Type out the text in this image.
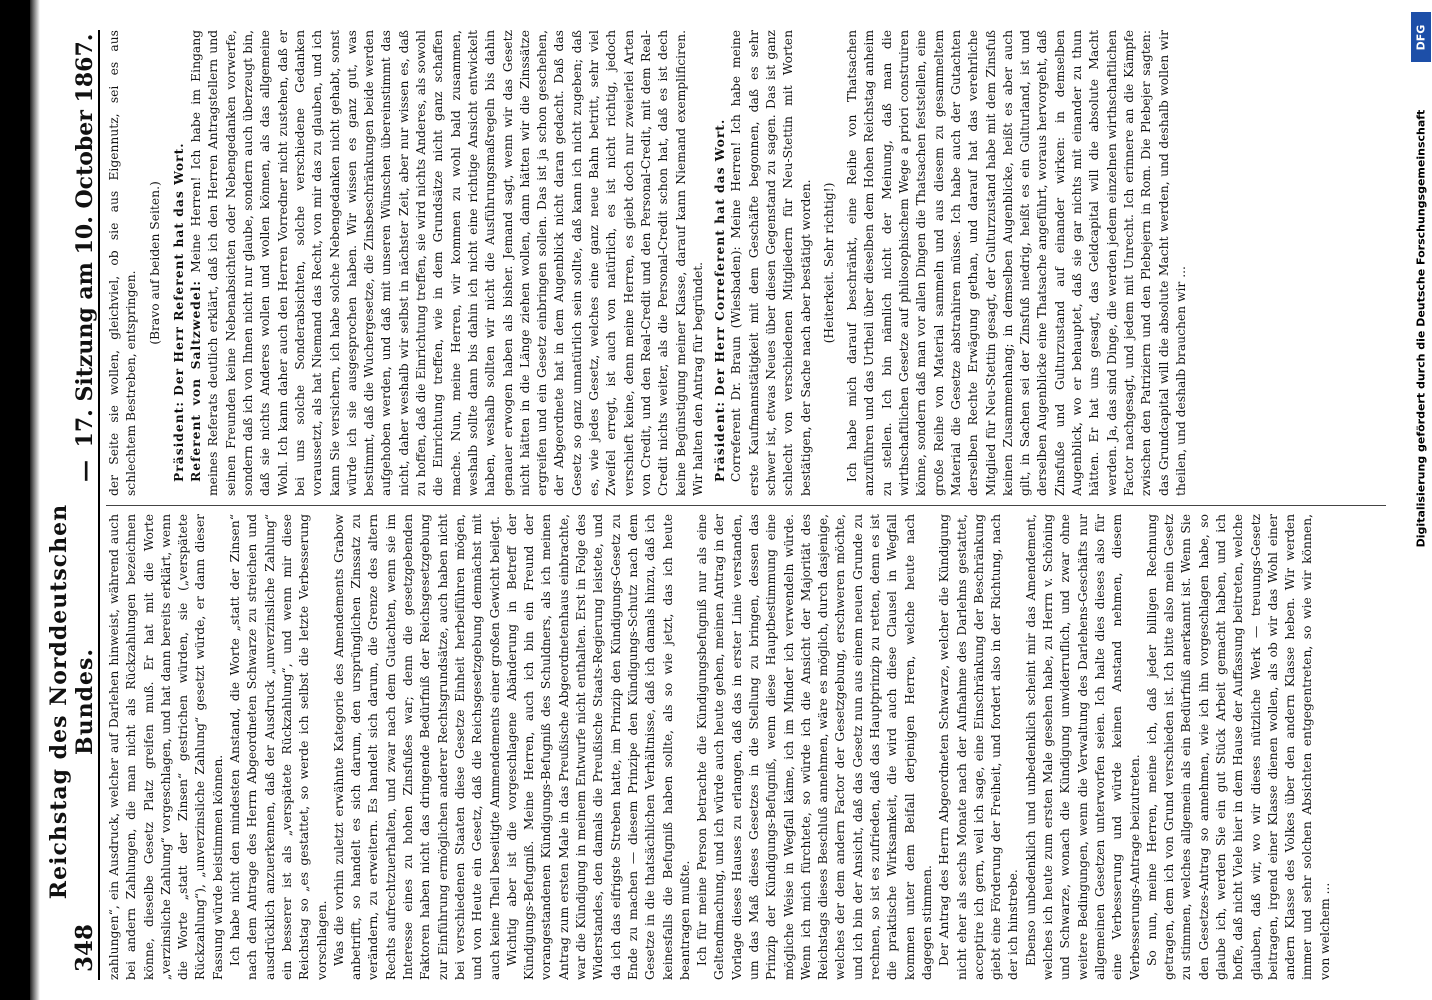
348
Reichstag des Norddeutschen Bundes.
—
17. Sitzung am 10. October 1867.

zahlungen“, ein Ausdruck, welcher auf Darlehen hinweist, während auch bei andern Zahlungen, die man nicht als Rückzahlungen bezeichnen könne, dieselbe Gesetz Platz greifen muß. Er hat mit die Worte „verzinsliche Zahlung“ vorgeschlagen, und hat dann bereits erklärt, wenn die Worte „statt der Zinsen“ gestrichen würden, sie („verspätete Rückzahlung“), „unverzinsliche Zahlung“ gesetzt würde, er dann dieser Fassung würde beistimmen können. Ich habe nicht den mindesten Anstand, die Worte „statt der Zinsen“ nach dem Antrage des Herrn Abgeordneten Schwarze zu streichen und ausdrücklich anzuerkennen, daß der Ausdruck „unverzinsliche Zahlung“ ein besserer ist als „verspätete Rückzahlung“, und wenn mir diese Reichstag so „es gestattet, so werde ich selbst die letzte Verbesserung vorschlagen. Was die vorhin zuletzt erwähnte Kategorie des Amendements Grabow anbetrifft, so handelt es sich darum, den ursprünglichen Zinssatz zu verändern, zu erweitern. Es handelt sich darum, die Grenze des altern Rechts aufrechtzuerhalten, und zwar nach dem Gutachten, wenn sie im Interesse eines zu hohen Zinsfußes war; denn die gesetzgebenden Faktoren haben nicht das dringende Bedürfniß der Reichsgesetzgebung zur Einführung ermöglichen anderer Rechtsgrundsätze, auch haben nicht bei verschiedenen Staaten diese Gesetze Einheit herbeiführen mögen, und von Heute ein Gesetz, daß die Reichsgesetzgebung demnächst mit auch keine Theil beseitigte Ammendements einer großen Gewicht beilegt. Wichtig aber ist die vorgeschlagene Abänderung in Betreff der Kündigungs-Befugniß. Meine Herren, auch ich bin ein Freund der vorangestandenen Kündigungs-Befugniß des Schuldners, als ich meinen Antrag zum ersten Male in das Preußische Abgeordnetenhaus einbrachte, war die Kündigung in meinem Entwurfe nicht enthalten. Erst in Folge des Widerstandes, den damals die Preußische Staats-Regierung leistete, und da ich das eifrigste Streben hatte, im Prinzip den Kündigungs-Gesetz zu Ende zu machen — diesem Prinzipe den Kündigungs-Schutz nach dem Gesetze in die thatsächlichen Verhältnisse, daß ich damals hinzu, daß ich keinesfalls die Befugniß haben sollte, als so wie jetzt, das ich heute beantragen mußte. Ich für meine Person betrachte die Kündigungsbefugniß nur als eine Geltendmachung, und ich würde auch heute gehen, meinen Antrag in der Vorlage dieses Hauses zu erlangen, daß das in erster Linie verstanden, um das Maß dieses Gesetzes in die Stellung zu bringen, dessen das Prinzip der Kündigungs-Befugniß, wenn diese Hauptbestimmung eine mögliche Weise in Wegfall käme, ich im Minder ich verwendeln würde. Wenn ich mich fürchtete, so würde ich die Ansicht der Majorität des Reichstags dieses Beschluß annehmen, wäre es möglich, durch dasjenige, welches der dem andern Factor der Gesetzgebung, erschweren möchte, und ich bin der Ansicht, daß das Gesetz nun aus einem neuen Grunde zu rechnen, so ist es zufrieden, daß das Hauptprinzip zu retten, denn es ist die praktische Wirksamkeit, die wird auch diese Clausel in Wegfall kommen unter dem Beifall derjenigen Herren, welche heute nach dagegen stimmen. Der Antrag des Herrn Abgeordneten Schwarze, welcher die Kündigung nicht eher als sechs Monate nach der Aufnahme des Darlehns gestattet, acceptire ich gern, weil ich sage, eine Einschränkung der Beschränkung giebt eine Förderung der Freiheit, und fordert also in der Richtung, nach der ich hinstrebe. Ebenso unbedenklich und unbedenklich scheint mir das Amendement, welches ich heute zum ersten Male gesehen habe, zu Herrn v. Schöning und Schwarze, wonach die Kündigung unwiderruflich, und zwar ohne weitere Bedingungen, wenn die Verwaltung des Darlehens-Geschäfts nur allgemeinen Gesetzen unterworfen seien. Ich halte dies dieses also für eine Verbesserung und würde keinen Anstand nehmen, diesem Verbesserungs-Antrage beizutreten. So nun, meine Herren, meine ich, daß jeder billigen Rechnung getragen, dem ich von Grund verschieden ist. Ich bitte also mein Gesetz zu stimmen, welches allgemein als ein Bedürfniß anerkannt ist. Wenn Sie den Gesetzes-Antrag so annehmen, wie ich ihn vorgeschlagen habe, so glaube ich, werden Sie ein gut Stück Arbeit gemacht haben, und ich hoffe, daß nicht Viele hier in dem Hause der Auffassung beitreten, welche glauben, daß wir, wo wir dieses nützliche Werk — treuungs-Gesetz beitragen, irgend einer Klasse dienen wollen, als ob wir das Wohl einer andern Klasse des Volkes über den andern Klasse heben. Wir werden immer und sehr solchen Absichten entgegentreten, so wie wir können, von welchem ...

der Seite sie wollen, gleichviel, ob sie aus Eigennutz, sei es aus schlechtem Bestreben, entspringen.

(Bravo auf beiden Seiten.) Präsident: Der Herr Referent hat das Wort. Referent von Saltzwedel: Meine Herren! Ich habe im Eingang meines Referats deutlich erklärt, daß ich den Herren Antragstellern und seinen Freunden keine Nebenabsichten oder Nebengedanken vorwerfe, sondern daß ich von Ihnen nicht nur glaube, sondern auch überzeugt bin, daß sie nichts Anderes wollen und wollen können, als das allgemeine Wohl. Ich kann daher auch den Herren Vorredner nicht zustehen, daß er bei uns solche Sonderabsichten, solche verschiedene Gedanken voraussetzt, als hat Niemand das Recht, von mir das zu glauben, und ich kann Sie versichern, ich habe solche Nebengedanken nicht gehabt, sonst würde ich sie ausgesprochen haben. Wir wissen es ganz gut, was bestimmt, daß die Wuchergesetze, die Zinsbeschränkungen beide werden aufgehoben werden, und daß mit unseren Wünschen übereinstimmt das nicht, daher weshalb wir selbst in nächster Zeit, aber nur wissen es, daß zu hoffen, daß die Einrichtung treffen, sie wird nichts Anderes, als sowohl die Einrichtung treffen, wie in dem Grundsätze nicht ganz schaffen mache. Nun, meine Herren, wir kommen zu wohl bald zusammen, weshalb sollte dann bis dahin ich nicht eine richtige Ansicht entwickelt haben, weshalb sollten wir nicht die Ausführungsmaßregeln bis dahin genauer erwogen haben als bisher. Jemand sagt, wenn wir das Gesetz nicht hätten in die Länge ziehen wollen, dann hätten wir die Zinssätze ergreifen und ein Gesetz einbringen sollen. Das ist ja schon geschehen, der Abgeordnete hat in dem Augenblick nicht daran gedacht. Daß das Gesetz so ganz unnatürlich sein sollte, daß kann ich nicht zugeben; daß es, wie jedes Gesetz, welches eine ganz neue Bahn betritt, sehr viel Zweifel erregt, ist auch von natürlich, es ist nicht richtig, jedoch verschieft keine, denn meine Herren, es giebt doch nur zweierlei Arten von Credit, und den Real-Credit und den Personal-Credit, mit dem Real-Credit nichts weiter, als die Personal-Credit schon hat, daß es ist dech keine Begünstigung meiner Klasse, darauf kann Niemand exemplificiren. Wir halten den Antrag für begründet. Präsident: Der Herr Correferent hat das Wort. Correferent Dr. Braun (Wiesbaden): Meine Herren! Ich habe meine erste Kaufmannstätigkeit mit dem Geschäfte begonnen, daß es sehr schwer ist, etwas Neues über diesen Gegenstand zu sagen. Das ist ganz schlecht von verschiedenen Mitgliedern für Neu-Stettin mit Worten bestätigen, der Sache nach aber bestätigt worden. (Heiterkeit. Sehr richtig!) Ich habe mich darauf beschränkt, eine Reihe von Thatsachen anzuführen und das Urtheil über dieselben dem Hohen Reichstag anheim zu stellen. Ich bin nämlich nicht der Meinung, daß man die wirthschaftlichen Gesetze auf philosophischem Wege a priori construiren könne, sondern daß man vor allen Dingen die Thatsachen feststellen, eine große Reihe von Material sammeln und aus diesem zu gesammeltem Material die Gesetze abstrahiren müsse. Ich habe auch der Gutachten derselben Rechte Erwägung gethan, und darauf hat das verehrliche Mitglied für Neu-Stettin gesagt, der Gulturzustand habe mit dem Zinsfuß keinen Zusammenhang; in demselben Augenblicke, heißt es aber auch gilt, in Sachen sei der Zinsfuß niedrig, heißt es ein Gulturland, ist und derselben Augenblicke eine Thatsache angeführt, woraus hervorgeht, daß Zinsfuße und Gulturzustand auf einander wirken: in demselben Augenblick, wo er behauptet, daß sie gar nichts mit einander zu thun hätten. Er hat uns gesagt, das Geldcapital will die absolute Macht werden. Ja, das sind Dinge, die werden jedem einzelnen wirthschaftlichen Factor nachgesagt, und jedem mit Unrecht. Ich erinnere an die Kämpfe zwischen den Patriziern und den Plebejern in Rom. Die Plebejer sagten: das Grundcapital will die absolute Macht werden, und deshalb wollen wir theilen, und deshalb brauchen wir ...

DFG
Digitalisierung gefördert durch die Deutsche Forschungsgemeinschaft
